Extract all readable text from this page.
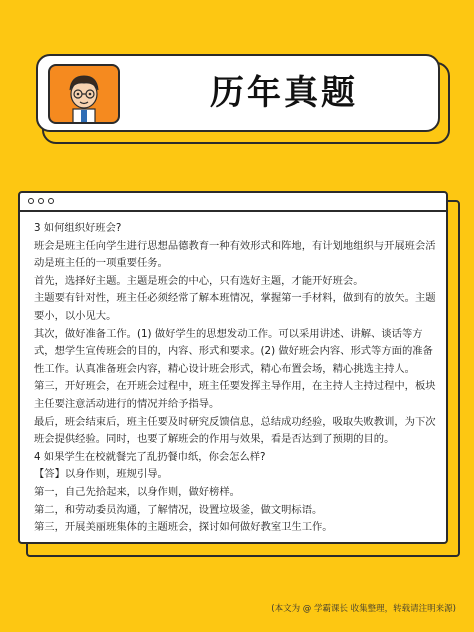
历年真题

3 如何组织好班会?

班会是班主任向学生进行思想品德教育一种有效形式和阵地，有计划地组织与开展班会活动是班主任的一项重要任务。

首先，选择好主题。主题是班会的中心，只有选好主题，才能开好班会。

主题要有针对性，班主任必须经常了解本班情况，掌握第一手材料，做到有的放矢。主题要小，以小见大。

其次，做好准备工作。(1) 做好学生的思想发动工作。可以采用讲述、讲解、谈话等方式，想学生宣传班会的目的，内容、形式和要求。(2) 做好班会内容、形式等方面的准备性工作。认真准备班会内容，精心设计班会形式，精心布置会场，精心挑选主持人。

第三，开好班会，在开班会过程中，班主任要发挥主导作用，在主持人主持过程中，板块主任要注意活动进行的情况并给予指导。

最后，班会结束后，班主任要及时研究反馈信息，总结成功经验，吸取失败教训，为下次班会提供经验。同时，也要了解班会的作用与效果，看是否达到了预期的目的。

4 如果学生在校就餐完了乱扔餐巾纸，你会怎么样?

【答】以身作则，班规引导。

第一，自己先拾起来，以身作则，做好榜样。

第二，和劳动委员沟通，了解情况，设置垃圾釜，做文明标语。

第三，开展美丽班集体的主题班会，探讨如何做好教室卫生工作。

(本文为 @ 学霸课长 收集整理，转载请注明来源)
